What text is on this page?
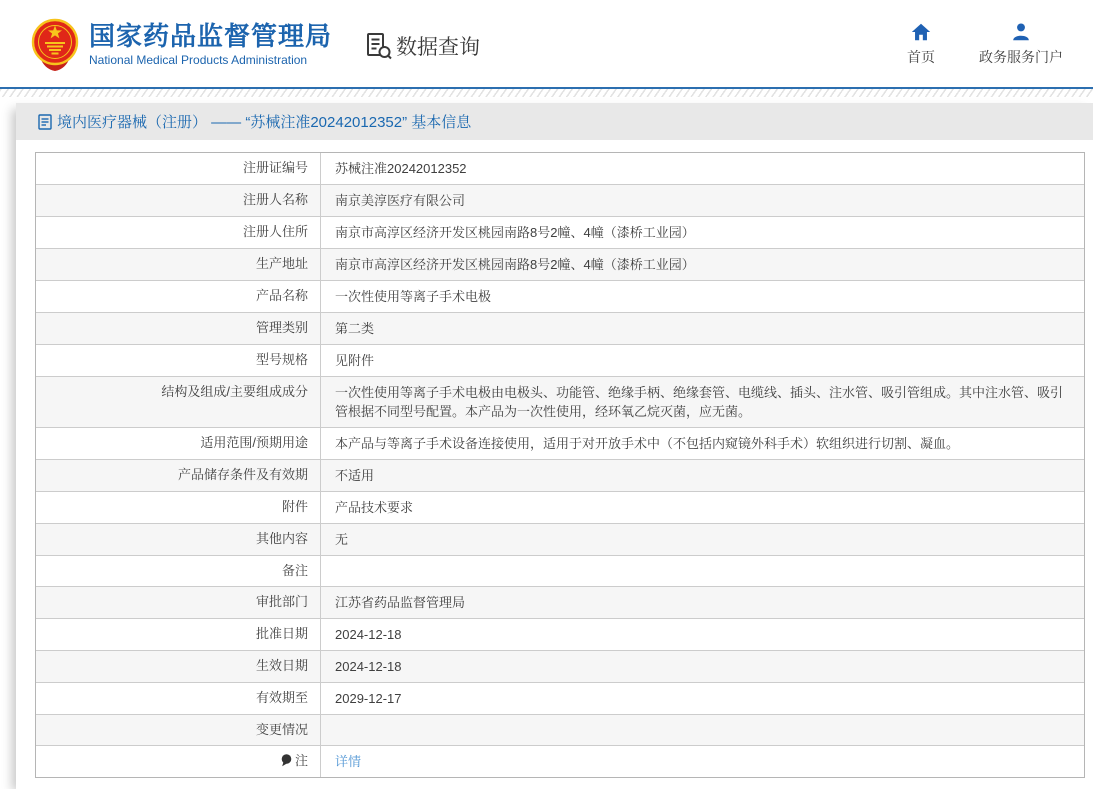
国家药品监督管理局
National Medical Products Administration
数据查询	首页	政务服务门户
境内医疗器械（注册） —— “苏械注准20242012352” 基本信息
注册证编号	苏械注准20242012352
注册人名称	南京美淳医疗有限公司
注册人住所	南京市高淳区经济开发区桃园南路8号2幢、4幢（漆桥工业园）
生产地址	南京市高淳区经济开发区桃园南路8号2幢、4幢（漆桥工业园）
产品名称	一次性使用等离子手术电极
管理类别	第二类
型号规格	见附件
结构及组成/主要组成成分	一次性使用等离子手术电极由电极头、功能管、绝缘手柄、绝缘套管、电缆线、插头、注水管、吸引管组成。其中注水管、吸引管根据不同型号配置。本产品为一次性使用，经环氧乙烷灭菌，应无菌。
适用范围/预期用途	本产品与等离子手术设备连接使用，适用于对开放手术中（不包括内窥镜外科手术）软组织进行切割、凝血。
产品储存条件及有效期	不适用
附件	产品技术要求
其他内容	无
备注
审批部门	江苏省药品监督管理局
批准日期	2024-12-18
生效日期	2024-12-18
有效期至	2029-12-17
变更情况
注	详情
